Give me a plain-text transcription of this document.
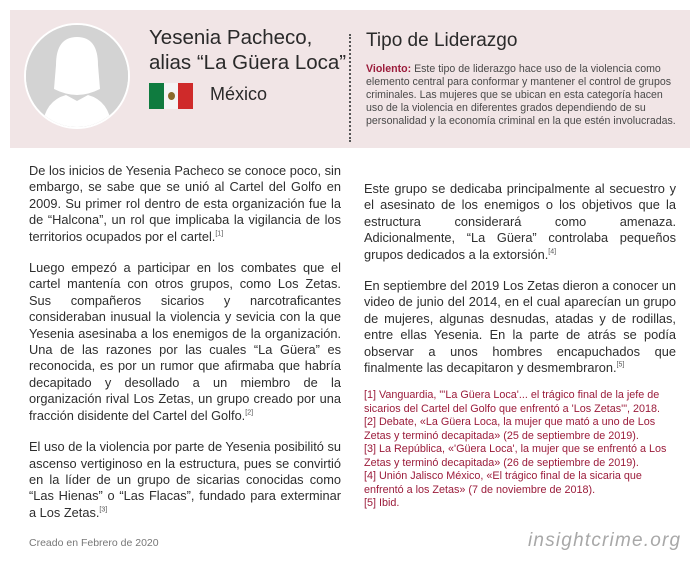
Yesenia Pacheco,
alias “La Güera Loca”
México
Tipo de Liderazgo
Violento: Este tipo de liderazgo hace uso de la violencia como elemento central para conformar y mantener el control de grupos criminales. Las mujeres que se ubican en esta categoría hacen uso de la violencia en diferentes grados dependiendo de su personalidad y la economía criminal en la que estén involucradas.

De los inicios de Yesenia Pacheco se conoce poco, sin embargo, se sabe que se unió al Cartel del Golfo en 2009. Su primer rol dentro de esta organización fue la de “Halcona”, un rol que implicaba la vigilancia de los territorios ocupados por el cartel.[1]

Luego empezó a participar en los combates que el cartel mantenía con otros grupos, como Los Zetas. Sus compañeros sicarios y narcotraficantes consideraban inusual la violencia y sevicia con la que Yesenia asesinaba a los enemigos de la organización. Una de las razones por las cuales “La Güera” es reconocida, es por un rumor que afirmaba que habría decapitado y desollado a un miembro de la organización rival Los Zetas, un grupo creado por una fracción disidente del Cartel del Golfo.[2]

El uso de la violencia por parte de Yesenia posibilitó su ascenso vertiginoso en la estructura, pues se convirtió en la líder de un grupo de sicarias conocidas como “Las Hienas” o “Las Flacas”, fundado para exterminar a Los Zetas.[3]

Este grupo se dedicaba principalmente al secuestro y el asesinato de los enemigos o los objetivos que la estructura considerará como amenaza. Adicionalmente, “La Güera” controlaba pequeños grupos dedicados a la extorsión.[4]

En septiembre del 2019 Los Zetas dieron a conocer un video de junio del 2014, en el cual aparecían un grupo de mujeres, algunas desnudas, atadas y de rodillas, entre ellas Yesenia. En la parte de atrás se podía observar a unos hombres encapuchados que finalmente las decapitaron y desmembraron.[5]

[1] Vanguardia, "'La Güera Loca'... el trágico final de la jefe de sicarios del Cartel del Golfo que enfrentó a 'Los Zetas'", 2018.

[2] Debate, «La Güera Loca, la mujer que mató a uno de Los Zetas y terminó decapitada» (25 de septiembre de 2019).

[3] La República, «'Güera Loca', la mujer que se enfrentó a Los Zetas y terminó decapitada» (26 de septiembre de 2019).

[4] Unión Jalisco México, «El trágico final de la sicaria que enfrentó a los Zetas» (7 de noviembre de 2018).

[5] Ibid.

Creado en Febrero de 2020	insightcrime.org
